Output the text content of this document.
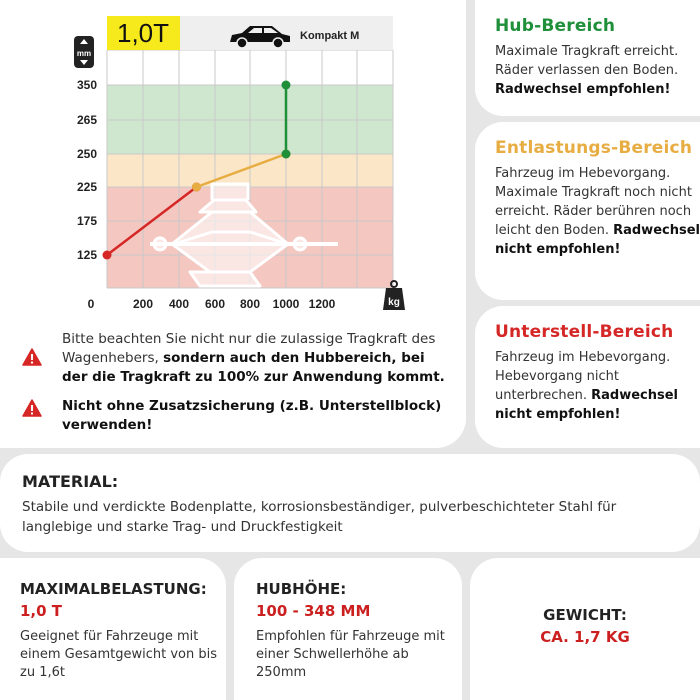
1,0T	Kompakt M
mm
350
265
250
225
175
125
0	200 400 600 800 1000 1200	kg
Bitte beachten Sie nicht nur die zulassige Tragkraft des Wagenhebers, sondern auch den Hubbereich, bei der die Tragkraft zu 100% zur Anwendung kommt.
Nicht ohne Zusatzsicherung (z.B. Unterstellblock) verwenden!
Hub-Bereich

Maximale Tragkraft erreicht. Räder verlassen den Boden. Radwechsel empfohlen!

Entlastungs-Bereich

Fahrzeug im Hebevorgang. Maximale Tragkraft noch nicht erreicht. Räder berühren noch leicht den Boden. Radwechsel nicht empfohlen!

Unterstell-Bereich

Fahrzeug im Hebevorgang. Hebevorgang nicht unterbrechen. Radwechsel nicht empfohlen!

MATERIAL:

Stabile und verdickte Bodenplatte, korrosionsbeständiger, pulverbeschichteter Stahl für langlebige und starke Trag- und Druckfestigkeit

MAXIMALBELASTUNG:
1,0 T

Geeignet für Fahrzeuge mit einem Gesamtgewicht von bis zu 1,6t

HUBHÖHE:
100 - 348 MM

Empfohlen für Fahrzeuge mit einer Schwellerhöhe ab 250mm

GEWICHT:
CA. 1,7 KG
